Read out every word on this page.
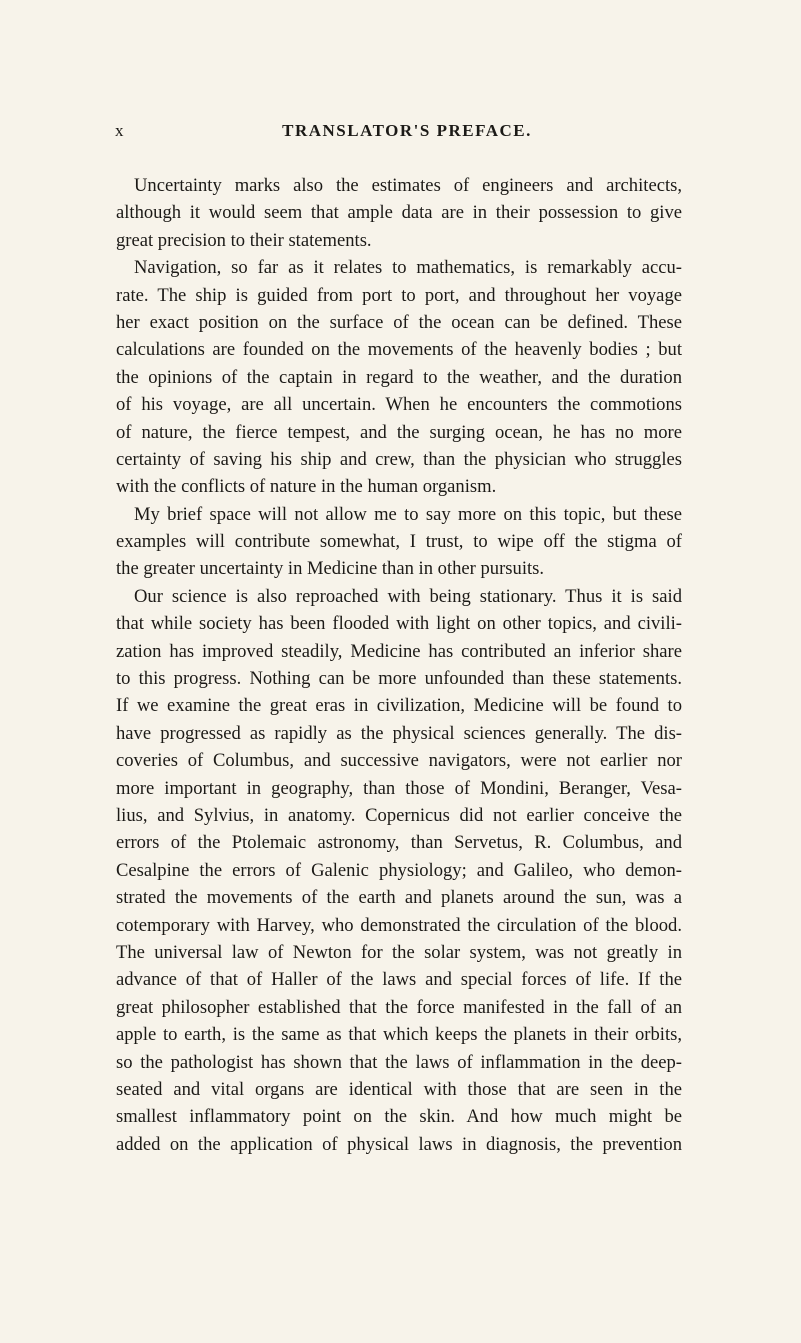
x	TRANSLATOR'S PREFACE.
Uncertainty marks also the estimates of engineers and architects,
although it would seem that ample data are in their possession to give
great precision to their statements.
Navigation, so far as it relates to mathematics, is remarkably accu-
rate. The ship is guided from port to port, and throughout her voyage
her exact position on the surface of the ocean can be defined. These
calculations are founded on the movements of the heavenly bodies ; but
the opinions of the captain in regard to the weather, and the duration
of his voyage, are all uncertain. When he encounters the commotions
of nature, the fierce tempest, and the surging ocean, he has no more
certainty of saving his ship and crew, than the physician who struggles
with the conflicts of nature in the human organism.
My brief space will not allow me to say more on this topic, but these
examples will contribute somewhat, I trust, to wipe off the stigma of
the greater uncertainty in Medicine than in other pursuits.
Our science is also reproached with being stationary. Thus it is said
that while society has been flooded with light on other topics, and civili-
zation has improved steadily, Medicine has contributed an inferior share
to this progress. Nothing can be more unfounded than these statements.
If we examine the great eras in civilization, Medicine will be found to
have progressed as rapidly as the physical sciences generally. The dis-
coveries of Columbus, and successive navigators, were not earlier nor
more important in geography, than those of Mondini, Beranger, Vesa-
lius, and Sylvius, in anatomy. Copernicus did not earlier conceive the
errors of the Ptolemaic astronomy, than Servetus, R. Columbus, and
Cesalpine the errors of Galenic physiology; and Galileo, who demon-
strated the movements of the earth and planets around the sun, was a
cotemporary with Harvey, who demonstrated the circulation of the blood.
The universal law of Newton for the solar system, was not greatly in
advance of that of Haller of the laws and special forces of life. If the
great philosopher established that the force manifested in the fall of an
apple to earth, is the same as that which keeps the planets in their orbits,
so the pathologist has shown that the laws of inflammation in the deep-
seated and vital organs are identical with those that are seen in the
smallest inflammatory point on the skin. And how much might be
added on the application of physical laws in diagnosis, the prevention
